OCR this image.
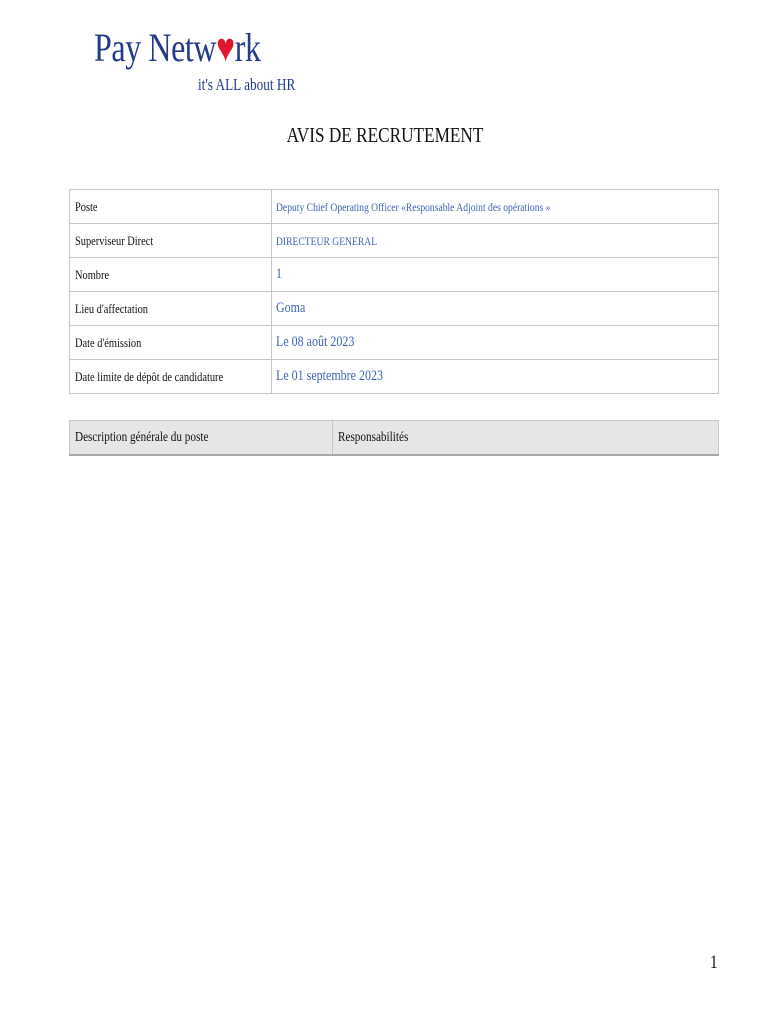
Pay Netw♥rk
it's ALL about HR
AVIS DE RECRUTEMENT
Poste	Deputy Chief Operating Officer «Responsable Adjoint des opérations »
Superviseur Direct	DIRECTEUR GENERAL
Nombre	1
Lieu d'affectation	Goma
Date d'émission	Le 08 août 2023
Date limite de dépôt de candidature	Le 01 septembre 2023
Description générale du poste	Responsabilités
1
